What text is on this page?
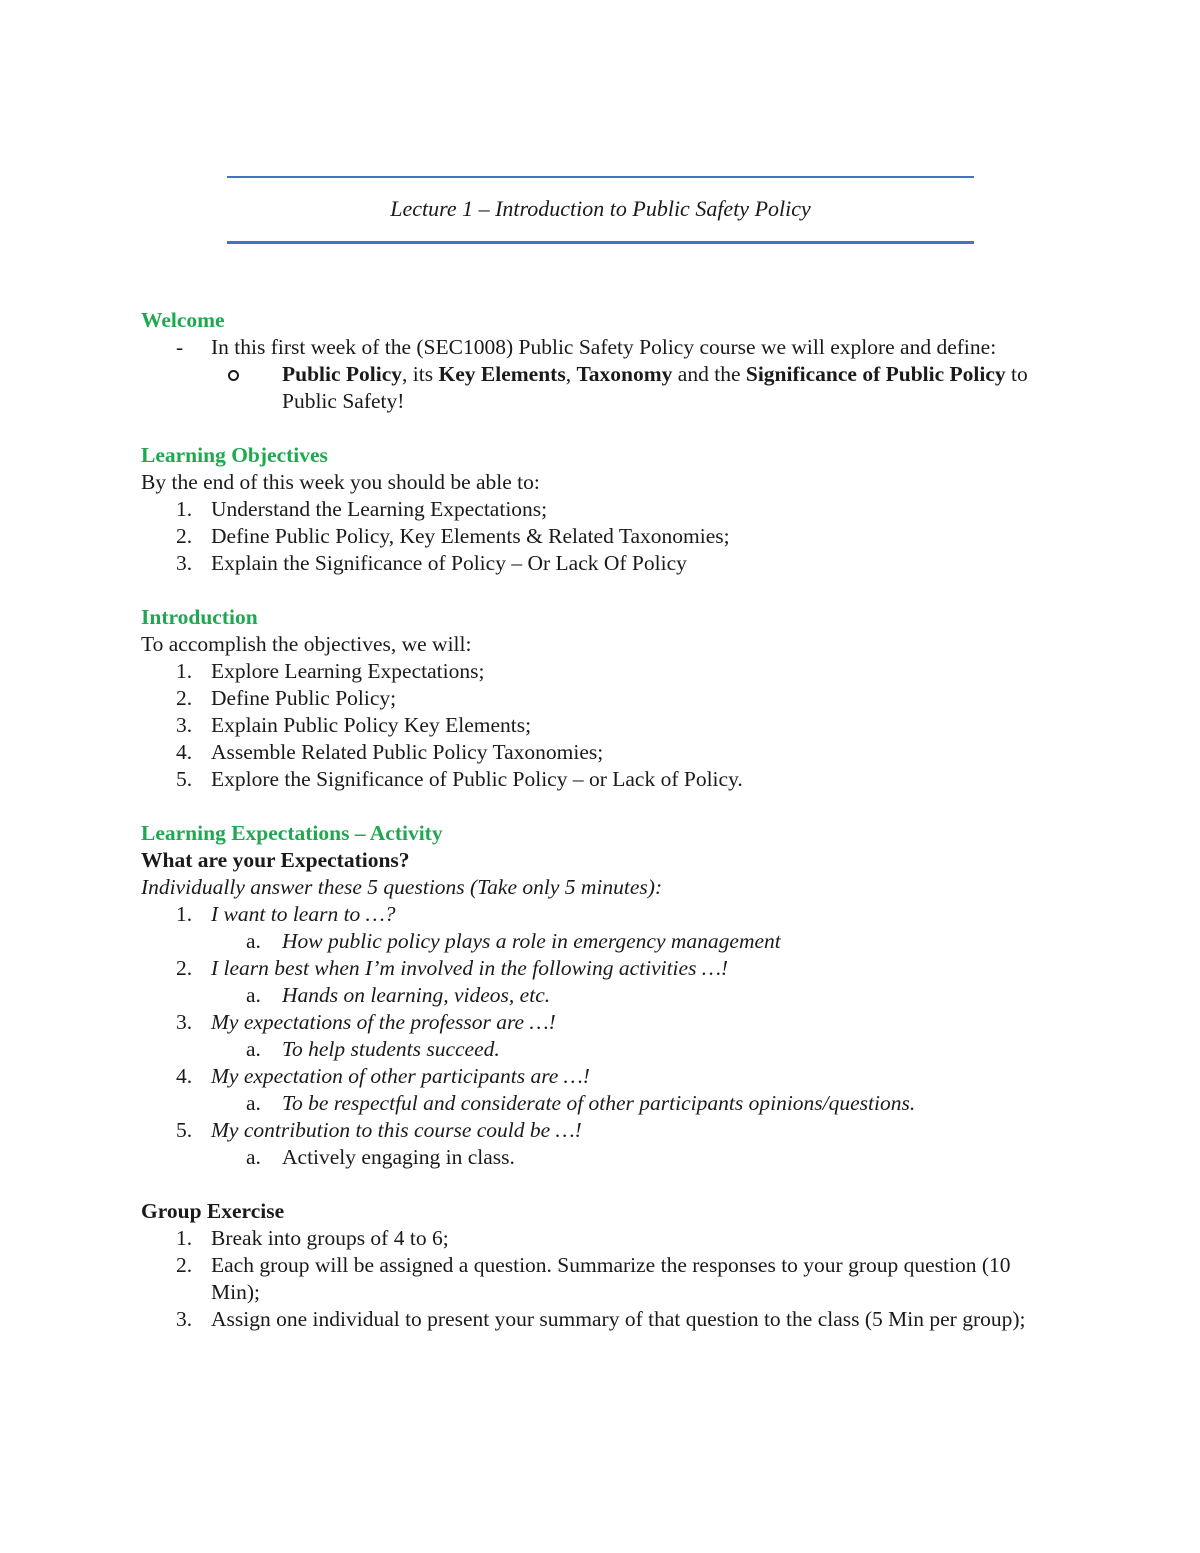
Lecture 1 – Introduction to Public Safety Policy
Welcome
- In this first week of the (SEC1008) Public Safety Policy course we will explore and define:
Public Policy, its Key Elements, Taxonomy and the Significance of Public Policy to Public Safety!
Learning Objectives
By the end of this week you should be able to:
1. Understand the Learning Expectations;
2. Define Public Policy, Key Elements & Related Taxonomies;
3. Explain the Significance of Policy – Or Lack Of Policy
Introduction
To accomplish the objectives, we will:
1. Explore Learning Expectations;
2. Define Public Policy;
3. Explain Public Policy Key Elements;
4. Assemble Related Public Policy Taxonomies;
5. Explore the Significance of Public Policy – or Lack of Policy.
Learning Expectations – Activity
What are your Expectations?
Individually answer these 5 questions (Take only 5 minutes):
1. I want to learn to …?
a. How public policy plays a role in emergency management
2. I learn best when I’m involved in the following activities …!
a. Hands on learning, videos, etc.
3. My expectations of the professor are …!
a. To help students succeed.
4. My expectation of other participants are …!
a. To be respectful and considerate of other participants opinions/questions.
5. My contribution to this course could be …!
a. Actively engaging in class.
Group Exercise
1. Break into groups of 4 to 6;
2. Each group will be assigned a question. Summarize the responses to your group question (10 Min);
3. Assign one individual to present your summary of that question to the class (5 Min per group);
